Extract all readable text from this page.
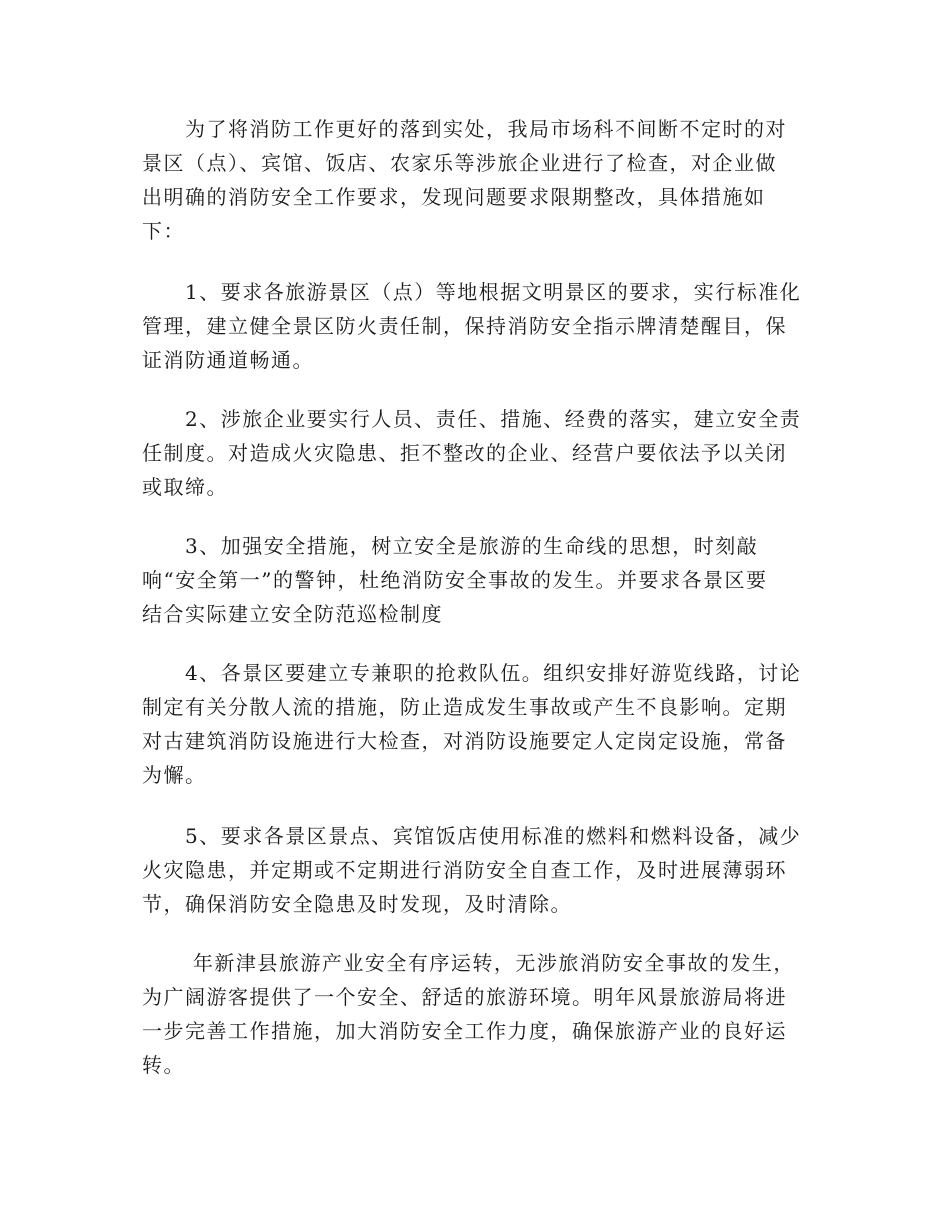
　　为了将消防工作更好的落到实处，我局市场科不间断不定时的对
景区（点）、宾馆、饭店、农家乐等涉旅企业进行了检查，对企业做
出明确的消防安全工作要求，发现问题要求限期整改，具体措施如
下：

　　1、要求各旅游景区（点）等地根据文明景区的要求，实行标准化
管理，建立健全景区防火责任制，保持消防安全指示牌清楚醒目，保
证消防通道畅通。

　　2、涉旅企业要实行人员、责任、措施、经费的落实，建立安全责
任制度。对造成火灾隐患、拒不整改的企业、经营户要依法予以关闭
或取缔。

　　3、加强安全措施，树立安全是旅游的生命线的思想，时刻敲
响“安全第一”的警钟，杜绝消防安全事故的发生。并要求各景区要
结合实际建立安全防范巡检制度

　　4、各景区要建立专兼职的抢救队伍。组织安排好游览线路，讨论
制定有关分散人流的措施，防止造成发生事故或产生不良影响。定期
对古建筑消防设施进行大检查，对消防设施要定人定岗定设施，常备
为懈。

　　5、要求各景区景点、宾馆饭店使用标准的燃料和燃料设备，减少
火灾隐患，并定期或不定期进行消防安全自查工作，及时进展薄弱环
节，确保消防安全隐患及时发现，及时清除。

　　 年新津县旅游产业安全有序运转，无涉旅消防安全事故的发生，
为广阔游客提供了一个安全、舒适的旅游环境。明年风景旅游局将进
一步完善工作措施，加大消防安全工作力度，确保旅游产业的良好运
转。
